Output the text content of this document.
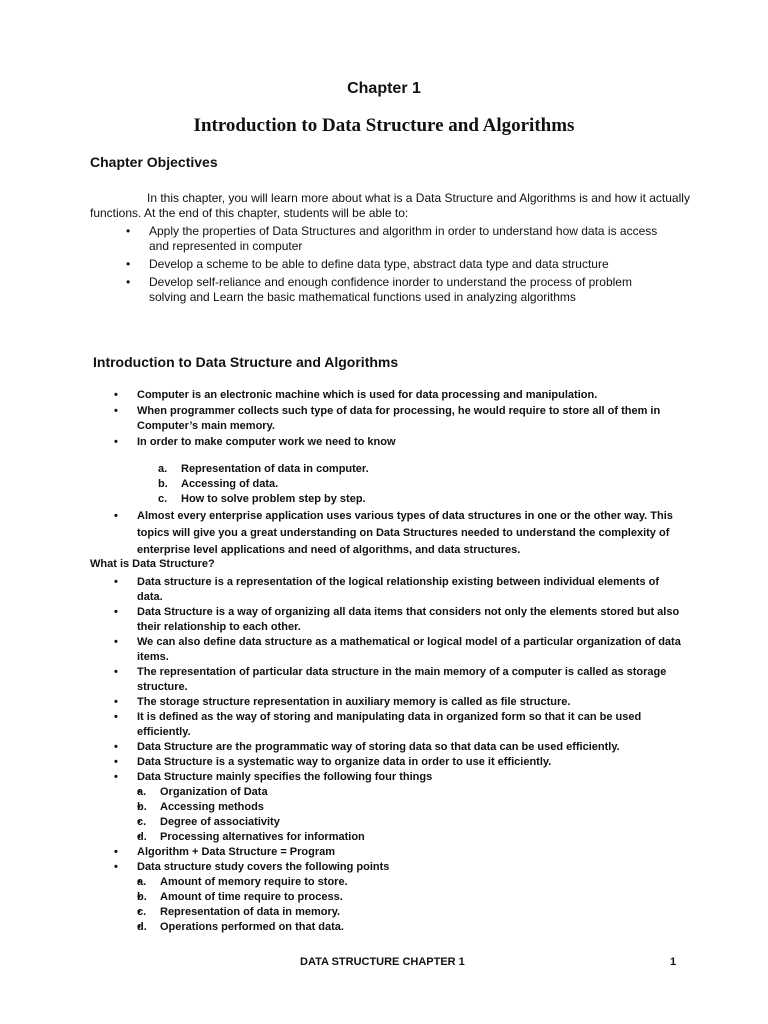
Chapter 1
Introduction to Data Structure and Algorithms
Chapter Objectives

In this chapter, you will learn more about what is a Data Structure and Algorithms is and how it actually functions. At the end of this chapter, students will be able to:

• Apply the properties of Data Structures and algorithm in order to understand how data is access and represented in computer
• Develop a scheme to be able to define data type, abstract data type and data structure
• Develop self-reliance and enough confidence inorder to understand the process of problem solving and Learn the basic mathematical functions used in analyzing algorithms
Introduction to Data Structure and Algorithms
• Computer is an electronic machine which is used for data processing and manipulation.
• When programmer collects such type of data for processing, he would require to store all of them in Computer’s main memory.
• In order to make computer work we need to know
a. Representation of data in computer.
b. Accessing of data.
c. How to solve problem step by step.
• Almost every enterprise application uses various types of data structures in one or the other way. This topics will give you a great understanding on Data Structures needed to understand the complexity of enterprise level applications and need of algorithms, and data structures.

What is Data Structure?

• Data structure is a representation of the logical relationship existing between individual elements of data.
• Data Structure is a way of organizing all data items that considers not only the elements stored but also their relationship to each other.
• We can also define data structure as a mathematical or logical model of a particular organization of data items.
• The representation of particular data structure in the main memory of a computer is called as storage structure.
• The storage structure representation in auxiliary memory is called as file structure.
• It is defined as the way of storing and manipulating data in organized form so that it can be used efficiently.
• Data Structure are the programmatic way of storing data so that data can be used efficiently.
• Data Structure is a systematic way to organize data in order to use it efficiently.
• Data Structure mainly specifies the following four things
• a. Organization of Data
• b. Accessing methods
• c. Degree of associativity
• d. Processing alternatives for information
• Algorithm + Data Structure = Program
• Data structure study covers the following points
• a. Amount of memory require to store.
• b. Amount of time require to process.
• c. Representation of data in memory.
• d. Operations performed on that data.
DATA STRUCTURE CHAPTER 1	1
